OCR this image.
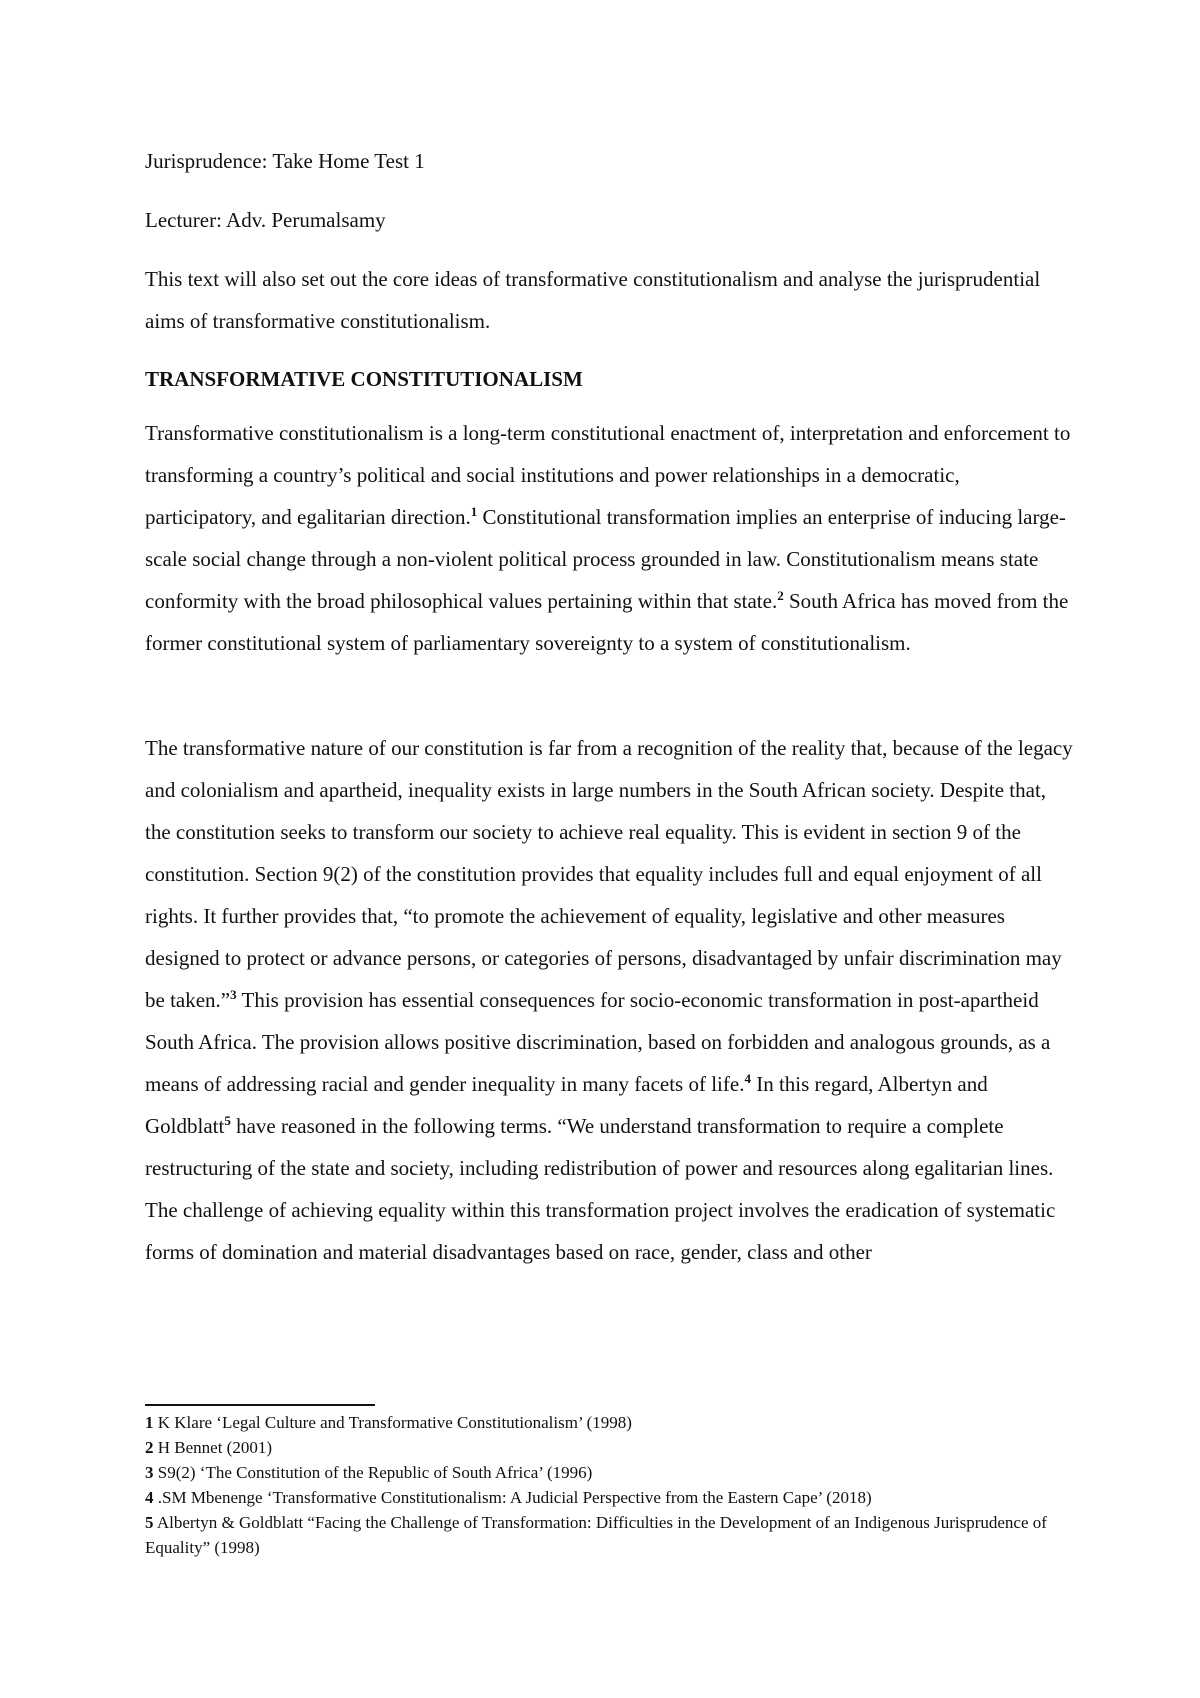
Jurisprudence: Take Home Test 1

Lecturer: Adv. Perumalsamy

This text will also set out the core ideas of transformative constitutionalism and analyse the jurisprudential aims of transformative constitutionalism.

TRANSFORMATIVE CONSTITUTIONALISM

Transformative constitutionalism is a long-term constitutional enactment of, interpretation and enforcement to transforming a country’s political and social institutions and power relationships in a democratic, participatory, and egalitarian direction.$^1$ Constitutional transformation implies an enterprise of inducing large-scale social change through a non-violent political process grounded in law. Constitutionalism means state conformity with the broad philosophical values pertaining within that state.$^2$ South Africa has moved from the former constitutional system of parliamentary sovereignty to a system of constitutionalism.

The transformative nature of our constitution is far from a recognition of the reality that, because of the legacy and colonialism and apartheid, inequality exists in large numbers in the South African society. Despite that, the constitution seeks to transform our society to achieve real equality. This is evident in section 9 of the constitution. Section 9(2) of the constitution provides that equality includes full and equal enjoyment of all rights. It further provides that, “to promote the achievement of equality, legislative and other measures designed to protect or advance persons, or categories of persons, disadvantaged by unfair discrimination may be taken.”$^3$ This provision has essential consequences for socio-economic transformation in post-apartheid South Africa. The provision allows positive discrimination, based on forbidden and analogous grounds, as a means of addressing racial and gender inequality in many facets of life.$^4$ In this regard, Albertyn and Goldblatt$^5$ have reasoned in the following terms. “We understand transformation to require a complete restructuring of the state and society, including redistribution of power and resources along egalitarian lines. The challenge of achieving equality within this transformation project involves the eradication of systematic forms of domination and material disadvantages based on race, gender, class and other

1 K Klare ‘Legal Culture and Transformative Constitutionalism’ (1998)
2 H Bennet (2001)
3 S9(2) ‘The Constitution of the Republic of South Africa’ (1996)
4 .SM Mbenenge ‘Transformative Constitutionalism: A Judicial Perspective from the Eastern Cape’ (2018)
5 Albertyn & Goldblatt “Facing the Challenge of Transformation: Difficulties in the Development of an Indigenous Jurisprudence of Equality” (1998)
